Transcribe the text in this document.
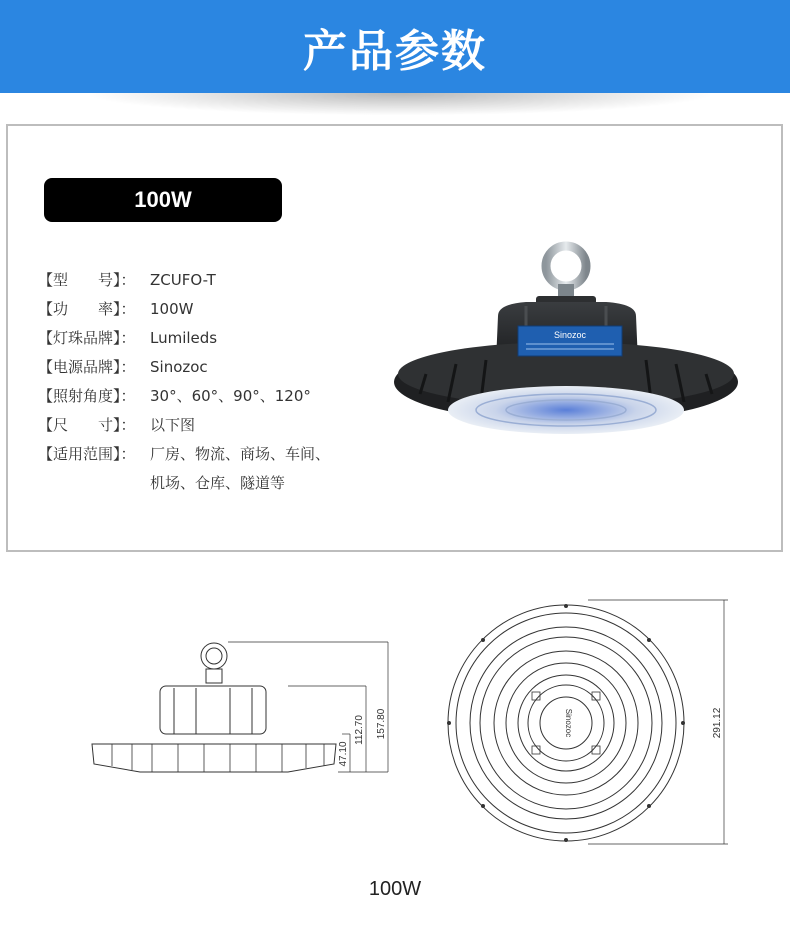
产品参数
100W
【型　　号】： ZCUFO-T
【功　　率】： 100W
【灯珠品牌】： Lumileds
【电源品牌】： Sinozoc
【照射角度】： 30°、60°、90°、120°
【尺　　寸】： 以下图
【适用范围】： 厂房、物流、商场、车间、机场、仓库、隧道等
Sinozoc
157.80
112.70
47.10
Sinozoc	291.12
100W
